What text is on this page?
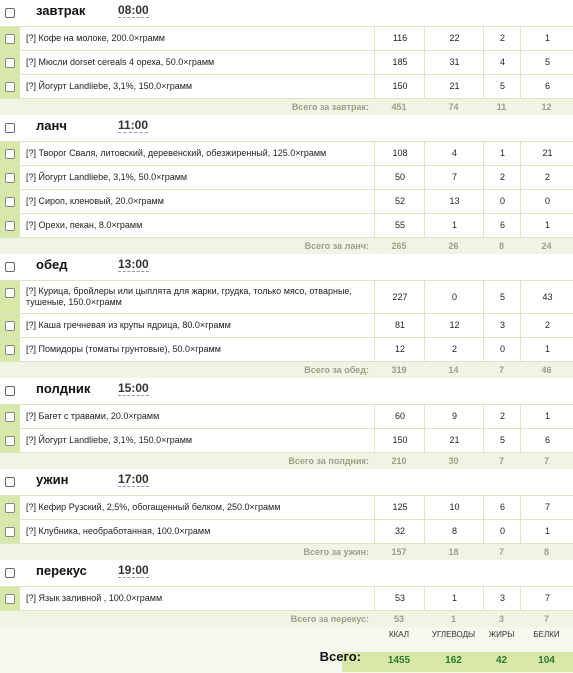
завтрак	08:00
[?] Кофе на молоке, 200.0×грамм	116	22	2	1
[?] Мюсли dorset cereals 4 ореха, 50.0×грамм	185	31	4	5
[?] Йогурт Landliebe, 3,1%, 150.0×грамм	150	21	5	6
Всего за завтрак:	451	74	11	12
ланч	11:00
[?] Творог Сваля, литовский, деревенский, обезжиренный, 125.0×грамм	108	4	1	21
[?] Йогурт Landliebe, 3,1%, 50.0×грамм	50	7	2	2
[?] Сироп, кленовый, 20.0×грамм	52	13	0	0
[?] Орехи, пекан, 8.0×грамм	55	1	6	1
Всего за ланч:	265	26	8	24
обед	13:00
[?] Курица, бройлеры или цыплята для жарки, грудка, только мясо, отварные, тушеные, 150.0×грамм	227	0	5	43
[?] Каша гречневая из крупы ядрица, 80.0×грамм	81	12	3	2
[?] Помидоры (томаты грунтовые), 50.0×грамм	12	2	0	1
Всего за обед:	319	14	7	46
полдник 15:00
[?] Багет с травами, 20.0×грамм	60	9	2	1
[?] Йогурт Landliebe, 3,1%, 150.0×грамм	150	21	5	6
Всего за полдник:	210	30	7	7
ужин	17:00
[?] Кефир Рузский, 2,5%, обогащенный белком, 250.0×грамм	125	10	6	7
[?] Клубника, необработанная, 100.0×грамм	32	8	0	1
Всего за ужин:	157	18	7	8
перекус	19:00
[?] Язык заливной , 100.0×грамм	53	1	3	7
Всего за перекус:	53	1	3	7
ККАЛ	УГЛЕВОДЫ	ЖИРЫ	БЕЛКИ
Всего:	1455	162	42	104
